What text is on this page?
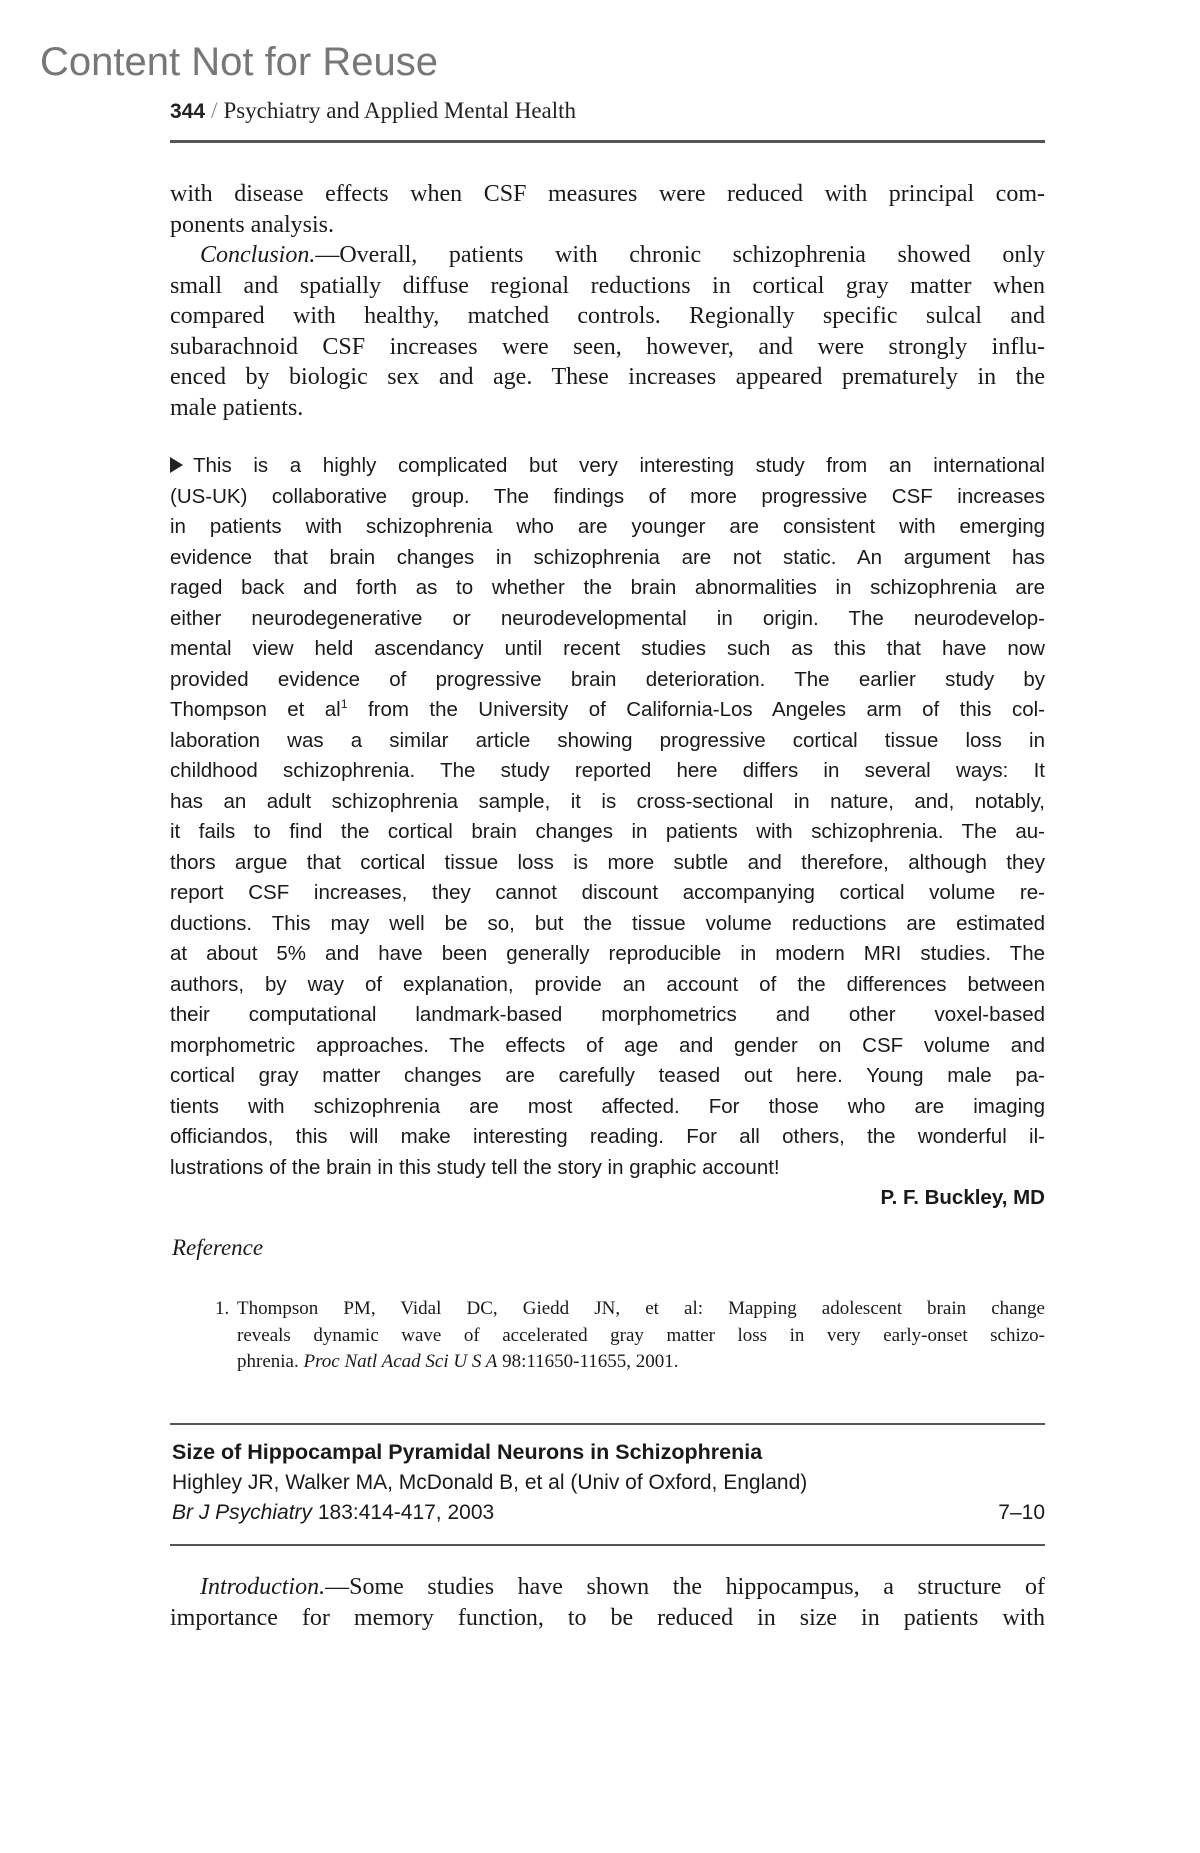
Content Not for Reuse
344 / Psychiatry and Applied Mental Health
with disease effects when CSF measures were reduced with principal com-
ponents analysis.
Conclusion.—Overall, patients with chronic schizophrenia showed only
small and spatially diffuse regional reductions in cortical gray matter when
compared with healthy, matched controls. Regionally specific sulcal and
subarachnoid CSF increases were seen, however, and were strongly influ-
enced by biologic sex and age. These increases appeared prematurely in the
male patients.
This is a highly complicated but very interesting study from an international
(US-UK) collaborative group. The findings of more progressive CSF increases
in patients with schizophrenia who are younger are consistent with emerging
evidence that brain changes in schizophrenia are not static. An argument has
raged back and forth as to whether the brain abnormalities in schizophrenia are
either neurodegenerative or neurodevelopmental in origin. The neurodevelop-
mental view held ascendancy until recent studies such as this that have now
provided evidence of progressive brain deterioration. The earlier study by
Thompson et $al^1$ from the University of California-Los Angeles arm of this col-
laboration was a similar article showing progressive cortical tissue loss in
childhood schizophrenia. The study reported here differs in several ways: It
has an adult schizophrenia sample, it is cross-sectional in nature, and, notably,
it fails to find the cortical brain changes in patients with schizophrenia. The au-
thors argue that cortical tissue loss is more subtle and therefore, although they
report CSF increases, they cannot discount accompanying cortical volume re-
ductions. This may well be so, but the tissue volume reductions are estimated
at about 5% and have been generally reproducible in modern MRI studies. The
authors, by way of explanation, provide an account of the differences between
their computational landmark-based morphometrics and other voxel-based
morphometric approaches. The effects of age and gender on CSF volume and
cortical gray matter changes are carefully teased out here. Young male pa-
tients with schizophrenia are most affected. For those who are imaging
officiandos, this will make interesting reading. For all others, the wonderful il-
lustrations of the brain in this study tell the story in graphic account!
P. F. Buckley, MD
Reference
1. Thompson PM, Vidal DC, Giedd JN, et al: Mapping adolescent brain change
reveals dynamic wave of accelerated gray matter loss in very early-onset schizo-
phrenia. Proc Natl Acad Sci U S A 98:11650-11655, 2001.
Size of Hippocampal Pyramidal Neurons in Schizophrenia
Highley JR, Walker MA, McDonald B, et al (Univ of Oxford, England)
Br J Psychiatry 183:414-417, 2003	7–10
Introduction.—Some studies have shown the hippocampus, a structure of
importance for memory function, to be reduced in size in patients with
